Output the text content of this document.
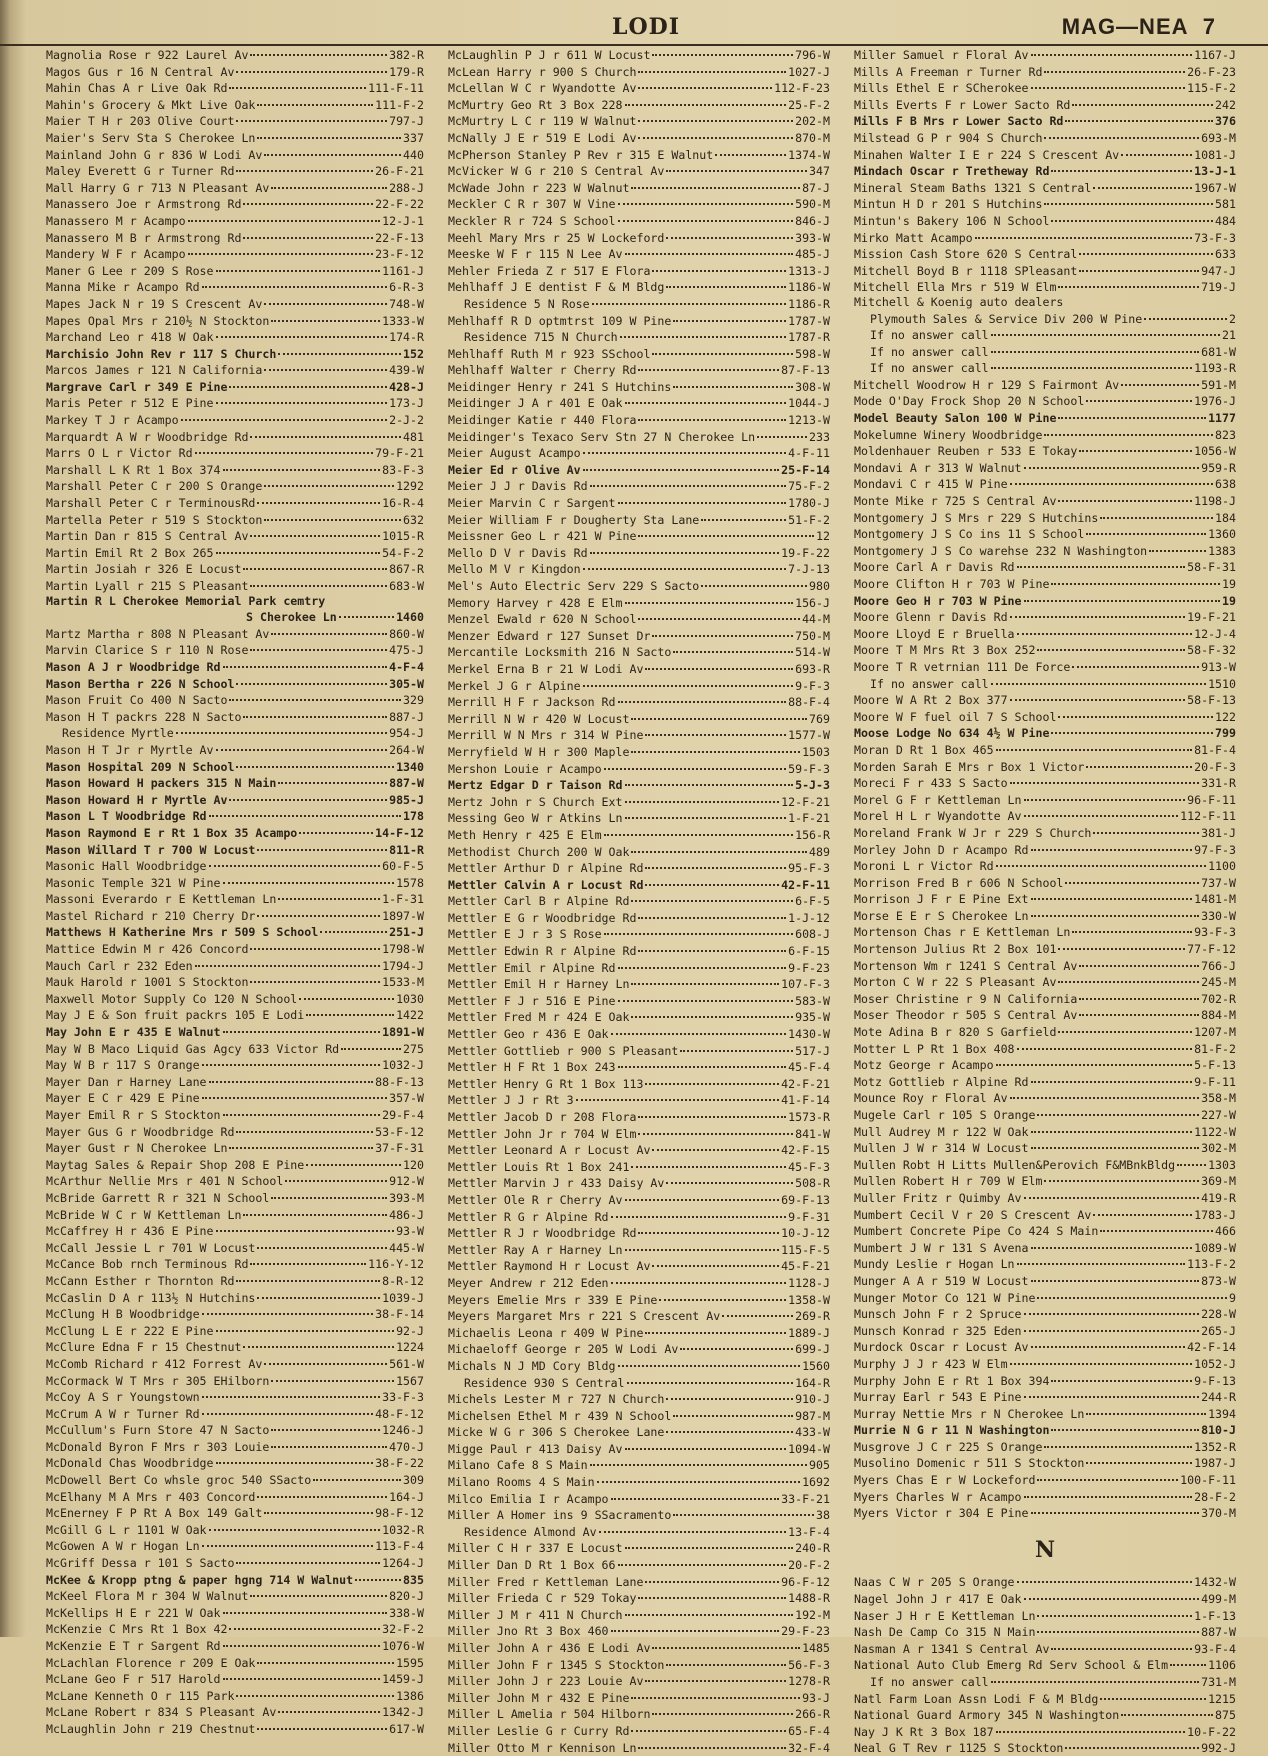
LODI	MAG—NEA 7
Magnolia Rose r 922 Laurel Av	382-R
Magos Gus r 16 N Central Av	179-R
Mahin Chas A r Live Oak Rd	111-F-11
Mahin's Grocery & Mkt Live Oak	111-F-2
Maier T H r 203 Olive Court	797-J
Maier's Serv Sta S Cherokee Ln	337
Mainland John G r 836 W Lodi Av	440
Maley Everett G r Turner Rd	26-F-21
Mall Harry G r 713 N Pleasant Av	288-J
Manassero Joe r Armstrong Rd	22-F-22
Manassero M r Acampo	12-J-1
Manassero M B r Armstrong Rd	22-F-13
Mandery W F r Acampo	23-F-12
Maner G Lee r 209 S Rose	1161-J
Manna Mike r Acampo Rd	6-R-3
Mapes Jack N r 19 S Crescent Av	748-W
Mapes Opal Mrs r 210½ N Stockton	1333-W
Marchand Leo r 418 W Oak	174-R
Marchisio John Rev r 117 S Church	152
Marcos James r 121 N California	439-W
Margrave Carl r 349 E Pine	428-J
Maris Peter r 512 E Pine	173-J
Markey T J r Acampo	2-J-2
Marquardt A W r Woodbridge Rd	481
Marrs O L r Victor Rd	79-F-21
Marshall L K Rt 1 Box 374	83-F-3
Marshall Peter C r 200 S Orange	1292
Marshall Peter C r TerminousRd	16-R-4
Martella Peter r 519 S Stockton	632
Martin Dan r 815 S Central Av	1015-R
Martin Emil Rt 2 Box 265	54-F-2
Martin Josiah r 326 E Locust	867-R
Martin Lyall r 215 S Pleasant	683-W
Martin R L Cherokee Memorial Park cemtry
S Cherokee Ln	1460
Martz Martha r 808 N Pleasant Av	860-W
Marvin Clarice S r 110 N Rose	475-J
Mason A J r Woodbridge Rd	4-F-4
Mason Bertha r 226 N School	305-W
Mason Fruit Co 400 N Sacto	329
Mason H T packrs 228 N Sacto	887-J
Residence Myrtle	954-J
Mason H T Jr r Myrtle Av	264-W
Mason Hospital 209 N School	1340
Mason Howard H packers 315 N Main	887-W
Mason Howard H r Myrtle Av	985-J
Mason L T Woodbridge Rd	178
Mason Raymond E r Rt 1 Box 35 Acampo	14-F-12
Mason Willard T r 700 W Locust	811-R
Masonic Hall Woodbridge	60-F-5
Masonic Temple 321 W Pine	1578
Massoni Everardo r E Kettleman Ln	1-F-31
Mastel Richard r 210 Cherry Dr	1897-W
Matthews H Katherine Mrs r 509 S School	251-J
Mattice Edwin M r 426 Concord	1798-W
Mauch Carl r 232 Eden	1794-J
Mauk Harold r 1001 S Stockton	1533-M
Maxwell Motor Supply Co 120 N School	1030
May J E & Son fruit packrs 105 E Lodi	1422
May John E r 435 E Walnut	1891-W
May W B Maco Liquid Gas Agcy 633 Victor Rd	275
May W B r 117 S Orange	1032-J
Mayer Dan r Harney Lane	88-F-13
Mayer E C r 429 E Pine	357-W
Mayer Emil R r S Stockton	29-F-4
Mayer Gus G r Woodbridge Rd	53-F-12
Mayer Gust r N Cherokee Ln	37-F-31
Maytag Sales & Repair Shop 208 E Pine	120
McArthur Nellie Mrs r 401 N School	912-W
McBride Garrett R r 321 N School	393-M
McBride W C r W Kettleman Ln	486-J
McCaffrey H r 436 E Pine	93-W
McCall Jessie L r 701 W Locust	445-W
McCance Bob rnch Terminous Rd	116-Y-12
McCann Esther r Thornton Rd	8-R-12
McCaslin D A r 113½ N Hutchins	1039-J
McClung H B Woodbridge	38-F-14
McClung L E r 222 E Pine	92-J
McClure Edna F r 15 Chestnut	1224
McComb Richard r 412 Forrest Av	561-W
McCormack W T Mrs r 305 EHilborn	1567
McCoy A S r Youngstown	33-F-3
McCrum A W r Turner Rd	48-F-12
McCullum's Furn Store 47 N Sacto	1246-J
McDonald Byron F Mrs r 303 Louie	470-J
McDonald Chas Woodbridge	38-F-22
McDowell Bert Co whsle groc 540 SSacto	309
McElhany M A Mrs r 403 Concord	164-J
McEnerney F P Rt A Box 149 Galt	98-F-12
McGill G L r 1101 W Oak	1032-R
McGowen A W r Hogan Ln	113-F-4
McGriff Dessa r 101 S Sacto	1264-J
McKee & Kropp ptng & paper hgng 714 W Walnut	835
McKeel Flora M r 304 W Walnut	820-J
McKellips H E r 221 W Oak	338-W
McKenzie C Mrs Rt 1 Box 42	32-F-2
McKenzie E T r Sargent Rd	1076-W
McLachlan Florence r 209 E Oak	1595
McLane Geo F r 517 Harold	1459-J
McLane Kenneth O r 115 Park	1386
McLane Robert r 834 S Pleasant Av	1342-J
McLaughlin John r 219 Chestnut	617-W
McLaughlin P J r 611 W Locust	796-W
McLean Harry r 900 S Church	1027-J
McLellan W C r Wyandotte Av	112-F-23
McMurtry Geo Rt 3 Box 228	25-F-2
McMurtry L C r 119 W Walnut	202-M
McNally J E r 519 E Lodi Av	870-M
McPherson Stanley P Rev r 315 E Walnut	1374-W
McVicker W G r 210 S Central Av	347
McWade John r 223 W Walnut	87-J
Meckler C R r 307 W Vine	590-M
Meckler R r 724 S School	846-J
Meehl Mary Mrs r 25 W Lockeford	393-W
Meeske W F r 115 N Lee Av	485-J
Mehler Frieda Z r 517 E Flora	1313-J
Mehlhaff J E dentist F & M Bldg	1186-W
Residence 5 N Rose	1186-R
Mehlhaff R D optmtrst 109 W Pine	1787-W
Residence 715 N Church	1787-R
Mehlhaff Ruth M r 923 SSchool	598-W
Mehlhaff Walter r Cherry Rd	87-F-13
Meidinger Henry r 241 S Hutchins	308-W
Meidinger J A r 401 E Oak	1044-J
Meidinger Katie r 440 Flora	1213-W
Meidinger's Texaco Serv Stn 27 N Cherokee Ln	233
Meier August Acampo	4-F-11
Meier Ed r Olive Av	25-F-14
Meier J J r Davis Rd	75-F-2
Meier Marvin C r Sargent	1780-J
Meier William F r Dougherty Sta Lane	51-F-2
Meissner Geo L r 421 W Pine	12
Mello D V r Davis Rd	19-F-22
Mello M V r Kingdon	7-J-13
Mel's Auto Electric Serv 229 S Sacto	980
Memory Harvey r 428 E Elm	156-J
Menzel Ewald r 620 N School	44-M
Menzer Edward r 127 Sunset Dr	750-M
Mercantile Locksmith 216 N Sacto	514-W
Merkel Erna B r 21 W Lodi Av	693-R
Merkel J G r Alpine	9-F-3
Merrill H F r Jackson Rd	88-F-4
Merrill N W r 420 W Locust	769
Merrill W N Mrs r 314 W Pine	1577-W
Merryfield W H r 300 Maple	1503
Mershon Louie r Acampo	59-F-3
Mertz Edgar D r Taison Rd	5-J-3
Mertz John r S Church Ext	12-F-21
Messing Geo W r Atkins Ln	1-F-21
Meth Henry r 425 E Elm	156-R
Methodist Church 200 W Oak	489
Mettler Arthur D r Alpine Rd	95-F-3
Mettler Calvin A r Locust Rd	42-F-11
Mettler Carl B r Alpine Rd	6-F-5
Mettler E G r Woodbridge Rd	1-J-12
Mettler E J r 3 S Rose	608-J
Mettler Edwin R r Alpine Rd	6-F-15
Mettler Emil r Alpine Rd	9-F-23
Mettler Emil H r Harney Ln	107-F-3
Mettler F J r 516 E Pine	583-W
Mettler Fred M r 424 E Oak	935-W
Mettler Geo r 436 E Oak	1430-W
Mettler Gottlieb r 900 S Pleasant	517-J
Mettler H F Rt 1 Box 243	45-F-4
Mettler Henry G Rt 1 Box 113	42-F-21
Mettler J J r Rt 3	41-F-14
Mettler Jacob D r 208 Flora	1573-R
Mettler John Jr r 704 W Elm	841-W
Mettler Leonard A r Locust Av	42-F-15
Mettler Louis Rt 1 Box 241	45-F-3
Mettler Marvin J r 433 Daisy Av	508-R
Mettler Ole R r Cherry Av	69-F-13
Mettler R G r Alpine Rd	9-F-31
Mettler R J r Woodbridge Rd	10-J-12
Mettler Ray A r Harney Ln	115-F-5
Mettler Raymond H r Locust Av	45-F-21
Meyer Andrew r 212 Eden	1128-J
Meyers Emelie Mrs r 339 E Pine	1358-W
Meyers Margaret Mrs r 221 S Crescent Av	269-R
Michaelis Leona r 409 W Pine	1889-J
Michaeloff George r 205 W Lodi Av	699-J
Michals N J MD Cory Bldg	1560
Residence 930 S Central	164-R
Michels Lester M r 727 N Church	910-J
Michelsen Ethel M r 439 N School	987-M
Micke W G r 306 S Cherokee Lane	433-W
Migge Paul r 413 Daisy Av	1094-W
Milano Cafe 8 S Main	905
Milano Rooms 4 S Main	1692
Milco Emilia I r Acampo	33-F-21
Miller A Homer ins 9 SSacramento	38
Residence Almond Av	13-F-4
Miller C H r 337 E Locust	240-R
Miller Dan D Rt 1 Box 66	20-F-2
Miller Fred r Kettleman Lane	96-F-12
Miller Frieda C r 529 Tokay	1488-R
Miller J M r 411 N Church	192-M
Miller Jno Rt 3 Box 460	29-F-23
Miller John A r 436 E Lodi Av	1485
Miller John F r 1345 S Stockton	56-F-3
Miller John J r 223 Louie Av	1278-R
Miller John M r 432 E Pine	93-J
Miller L Amelia r 504 Hilborn	266-R
Miller Leslie G r Curry Rd	65-F-4
Miller Otto M r Kennison Ln	32-F-4
Miller Samuel r Floral Av	1167-J
Mills A Freeman r Turner Rd	26-F-23
Mills Ethel E r SCherokee	115-F-2
Mills Everts F r Lower Sacto Rd	242
Mills F B Mrs r Lower Sacto Rd	376
Milstead G P r 904 S Church	693-M
Minahen Walter I E r 224 S Crescent Av	1081-J
Mindach Oscar r Tretheway Rd	13-J-1
Mineral Steam Baths 1321 S Central	1967-W
Mintun H D r 201 S Hutchins	581
Mintun's Bakery 106 N School	484
Mirko Matt Acampo	73-F-3
Mission Cash Store 620 S Central	633
Mitchell Boyd B r 1118 SPleasant	947-J
Mitchell Ella Mrs r 519 W Elm	719-J
Mitchell & Koenig auto dealers
Plymouth Sales & Service Div 200 W Pine	2
If no answer call	21
If no answer call	681-W
If no answer call	1193-R
Mitchell Woodrow H r 129 S Fairmont Av	591-M
Mode O'Day Frock Shop 20 N School	1976-J
Model Beauty Salon 100 W Pine	1177
Mokelumne Winery Woodbridge	823
Moldenhauer Reuben r 533 E Tokay	1056-W
Mondavi A r 313 W Walnut	959-R
Mondavi C r 415 W Pine	638
Monte Mike r 725 S Central Av	1198-J
Montgomery J S Mrs r 229 S Hutchins	184
Montgomery J S Co ins 11 S School	1360
Montgomery J S Co warehse 232 N Washington	1383
Moore Carl A r Davis Rd	58-F-31
Moore Clifton H r 703 W Pine	19
Moore Geo H r 703 W Pine	19
Moore Glenn r Davis Rd	19-F-21
Moore Lloyd E r Bruella	12-J-4
Moore T M Mrs Rt 3 Box 252	58-F-32
Moore T R vetrnian 111 De Force	913-W
If no answer call	1510
Moore W A Rt 2 Box 377	58-F-13
Moore W F fuel oil 7 S School	122
Moose Lodge No 634 4½ W Pine	799
Moran D Rt 1 Box 465	81-F-4
Morden Sarah E Mrs r Box 1 Victor	20-F-3
Moreci F r 433 S Sacto	331-R
Morel G F r Kettleman Ln	96-F-11
Morel H L r Wyandotte Av	112-F-11
Moreland Frank W Jr r 229 S Church	381-J
Morley John D r Acampo Rd	97-F-3
Moroni L r Victor Rd	1100
Morrison Fred B r 606 N School	737-W
Morrison J F r E Pine Ext	1481-M
Morse E E r S Cherokee Ln	330-W
Mortenson Chas r E Kettleman Ln	93-F-3
Mortenson Julius Rt 2 Box 101	77-F-12
Mortenson Wm r 1241 S Central Av	766-J
Morton C W r 22 S Pleasant Av	245-M
Moser Christine r 9 N California	702-R
Moser Theodor r 505 S Central Av	884-M
Mote Adina B r 820 S Garfield	1207-M
Motter L P Rt 1 Box 408	81-F-2
Motz George r Acampo	5-F-13
Motz Gottlieb r Alpine Rd	9-F-11
Mounce Roy r Floral Av	358-M
Mugele Carl r 105 S Orange	227-W
Mull Audrey M r 122 W Oak	1122-W
Mullen J W r 314 W Locust	302-M
Mullen Robt H Litts Mullen&Perovich F&MBnkBldg	1303
Mullen Robert H r 709 W Elm	369-M
Muller Fritz r Quimby Av	419-R
Mumbert Cecil V r 20 S Crescent Av	1783-J
Mumbert Concrete Pipe Co 424 S Main	466
Mumbert J W r 131 S Avena	1089-W
Mundy Leslie r Hogan Ln	113-F-2
Munger A A r 519 W Locust	873-W
Munger Motor Co 121 W Pine	9
Munsch John F r 2 Spruce	228-W
Munsch Konrad r 325 Eden	265-J
Murdock Oscar r Locust Av	42-F-14
Murphy J J r 423 W Elm	1052-J
Murphy John E r Rt 1 Box 394	9-F-13
Murray Earl r 543 E Pine	244-R
Murray Nettie Mrs r N Cherokee Ln	1394
Murrie N G r 11 N Washington	810-J
Musgrove J C r 225 S Orange	1352-R
Musolino Domenic r 511 S Stockton	1987-J
Myers Chas E r W Lockeford	100-F-11
Myers Charles W r Acampo	28-F-2
Myers Victor r 304 E Pine	370-M
N
Naas C W r 205 S Orange	1432-W
Nagel John J r 417 E Oak	499-M
Naser J H r E Kettleman Ln	1-F-13
Nash De Camp Co 315 N Main	887-W
Nasman A r 1341 S Central Av	93-F-4
National Auto Club Emerg Rd Serv School & Elm	1106
If no answer call	731-M
Natl Farm Loan Assn Lodi F & M Bldg	1215
National Guard Armory 345 N Washington	875
Nay J K Rt 3 Box 187	10-F-22
Neal G T Rev r 1125 S Stockton	992-J
